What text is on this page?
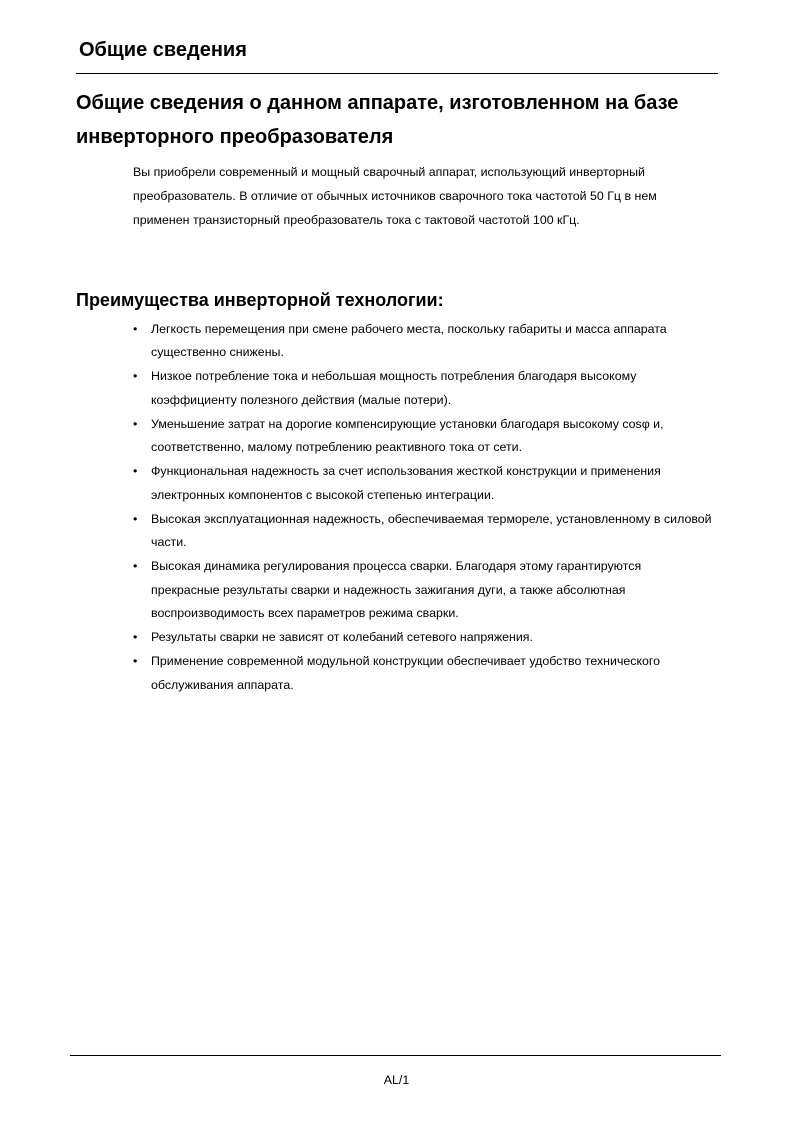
Общие сведения
Общие сведения о данном аппарате, изготовленном на базе инверторного преобразователя

Вы приобрели современный и мощный сварочный аппарат, использующий инверторный преобразователь. В отличие от обычных источников сварочного тока частотой 50 Гц в нем применен транзисторный преобразователь тока с тактовой частотой 100 кГц.

Преимущества инверторной технологии:
•	Легкость перемещения при смене рабочего места, поскольку габариты и масса аппарата существенно снижены.
•	Низкое потребление тока и небольшая мощность потребления благодаря высокому коэффициенту полезного действия (малые потери).
•	Уменьшение затрат на дорогие компенсирующие установки благодаря высокому cosφ и, соответственно, малому потреблению реактивного тока от сети.
•	Функциональная надежность за счет использования жесткой конструкции и применения электронных компонентов с высокой степенью интеграции.
•	Высокая эксплуатационная надежность, обеспечиваемая термореле, установленному в силовой части.
•	Высокая динамика регулирования процесса сварки. Благодаря этому гарантируются прекрасные результаты сварки и надежность зажигания дуги, а также абсолютная воспроизводимость всех параметров режима сварки.
•	Результаты сварки не зависят от колебаний сетевого напряжения.
•	Применение современной модульной конструкции обеспечивает удобство технического обслуживания аппарата.
AL/1
